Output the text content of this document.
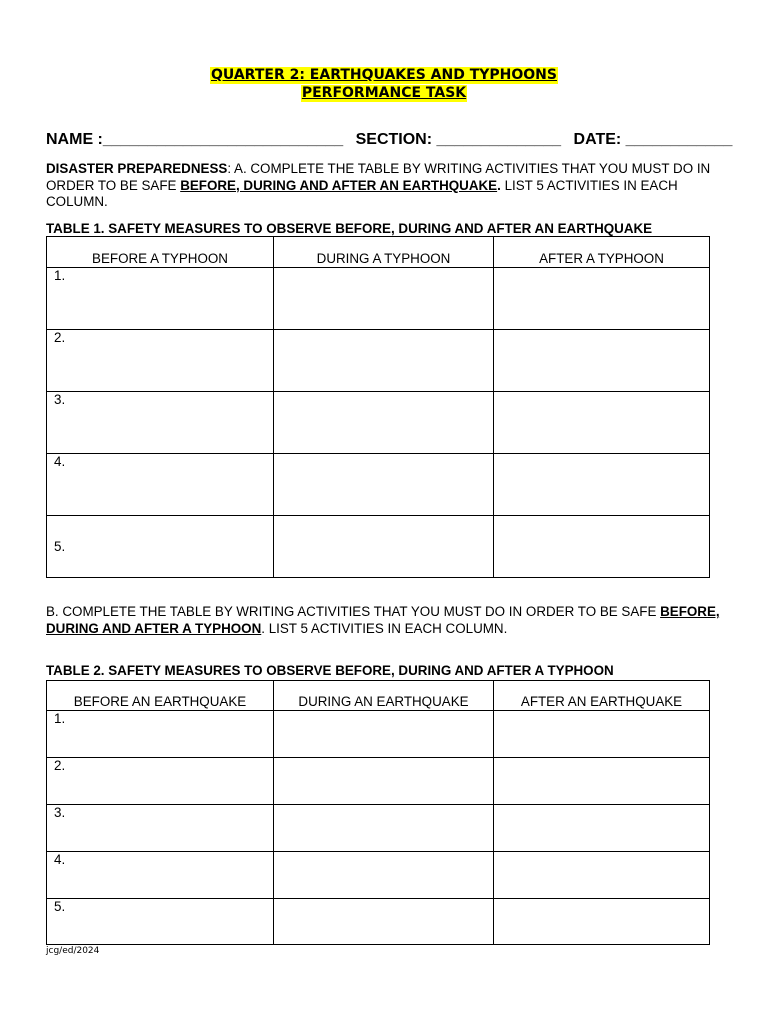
QUARTER 2: EARTHQUAKES AND TYPHOONS
PERFORMANCE TASK
NAME :___________________________ SECTION: ______________ DATE: ____________
DISASTER PREPAREDNESS: A. COMPLETE THE TABLE BY WRITING ACTIVITIES THAT YOU MUST DO IN ORDER TO BE SAFE BEFORE, DURING AND AFTER AN EARTHQUAKE. LIST 5 ACTIVITIES IN EACH COLUMN.
TABLE 1. SAFETY MEASURES TO OBSERVE BEFORE, DURING AND AFTER AN EARTHQUAKE
BEFORE A TYPHOON	DURING A TYPHOON	AFTER A TYPHOON

1.		

2.		

3.		

4.		

5.		

B. COMPLETE THE TABLE BY WRITING ACTIVITIES THAT YOU MUST DO IN ORDER TO BE SAFE BEFORE, DURING AND AFTER A TYPHOON. LIST 5 ACTIVITIES IN EACH COLUMN.
TABLE 2. SAFETY MEASURES TO OBSERVE BEFORE, DURING AND AFTER A TYPHOON
BEFORE AN EARTHQUAKE	DURING AN EARTHQUAKE	AFTER AN EARTHQUAKE

1.		

2.		

3.		

4.		

5.		

jcg/ed/2024
